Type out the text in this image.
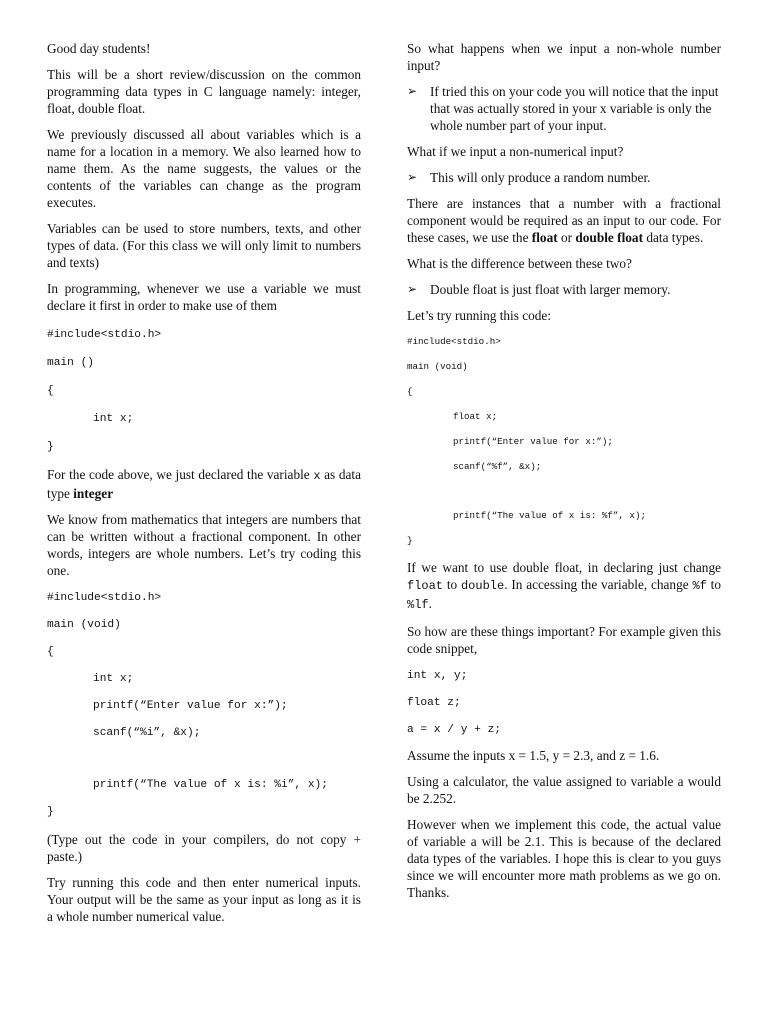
Good day students!

This will be a short review/discussion on the common programming data types in C language namely: integer, float, double float.

We previously discussed all about variables which is a name for a location in a memory. We also learned how to name them. As the name suggests, the values or the contents of the variables can change as the program executes.

Variables can be used to store numbers, texts, and other types of data. (For this class we will only limit to numbers and texts)

In programming, whenever we use a variable we must declare it first in order to make use of them

#include<stdio.h>
main ()
{
int x;
}

For the code above, we just declared the variable x as data type integer

We know from mathematics that integers are numbers that can be written without a fractional component. In other words, integers are whole numbers. Let’s try coding this one.

#include<stdio.h>
main (void)
{
int x;
printf(“Enter value for x:”);
scanf(“%i”, &x);
printf(“The value of x is: %i”, x);
}

(Type out the code in your compilers, do not copy + paste.)

Try running this code and then enter numerical inputs. Your output will be the same as your input as long as it is a whole number numerical value.

So what happens when we input a non-whole number input?

➢ If tried this on your code you will notice that the input that was actually stored in your x variable is only the whole number part of your input.

What if we input a non-numerical input?

➢ This will only produce a random number.

There are instances that a number with a fractional component would be required as an input to our code. For these cases, we use the float or double float data types.

What is the difference between these two?

➢ Double float is just float with larger memory.

Let’s try running this code:

#include<stdio.h>
main (void)
{
float x;
printf(“Enter value for x:”);
scanf(“%f”, &x);
printf(“The value of x is: %f”, x);
}

If we want to use double float, in declaring just change float to double. In accessing the variable, change %f to %lf.

So how are these things important? For example given this code snippet,

int x, y;
float z;
a = x / y + z;

Assume the inputs x = 1.5, y = 2.3, and z = 1.6.

Using a calculator, the value assigned to variable a would be 2.252.

However when we implement this code, the actual value of variable a will be 2.1. This is because of the declared data types of the variables. I hope this is clear to you guys since we will encounter more math problems as we go on. Thanks.
